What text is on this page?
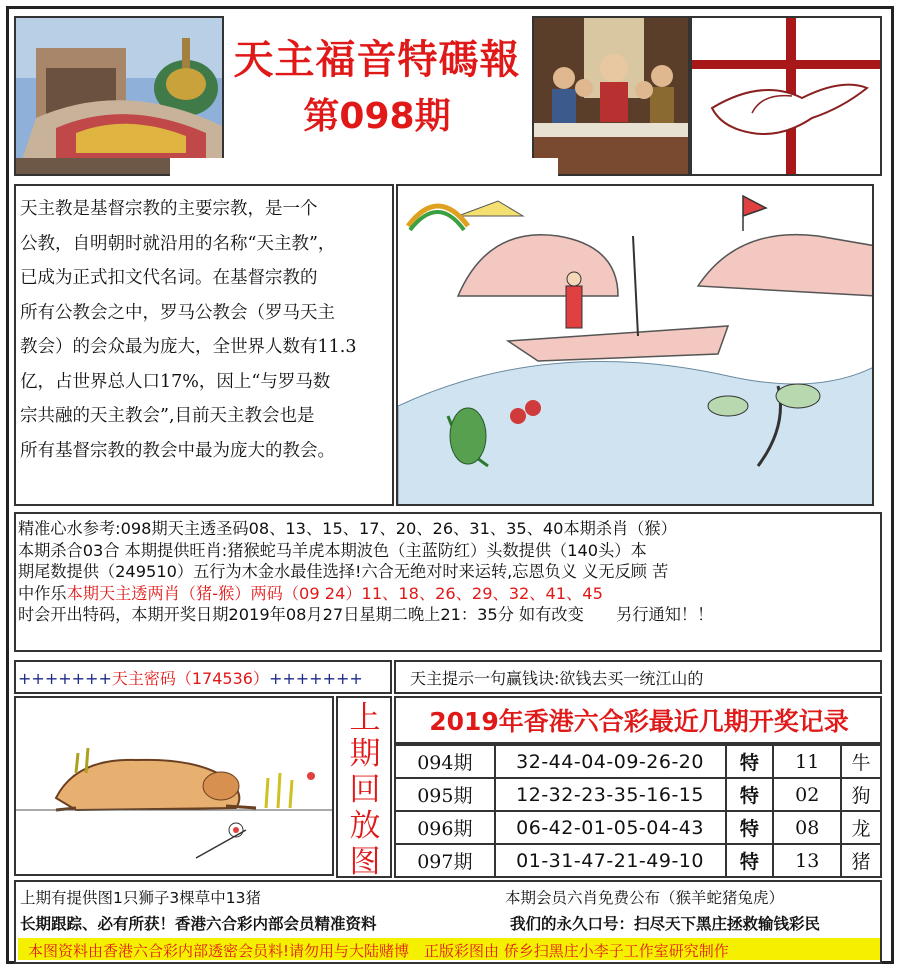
天主福音特碼報
第098期

天主教是基督宗教的主要宗教，是一个

公教，自明朝时就沿用的名称“天主教”，

已成为正式扣文代名词。在基督宗教的

所有公教会之中，罗马公教会（罗马天主

教会）的会众最为庞大，全世界人数有11.3

亿，占世界总人口17%，因上“与罗马数

宗共融的天主教会”,目前天主教会也是

所有基督宗教的教会中最为庞大的教会。

精准心水参考:098期天主透圣码08、13、15、17、20、26、31、35、40本期杀肖（猴）

本期杀合03合 本期提供旺肖:猪猴蛇马羊虎本期波色（主蓝防红）头数提供（140头）本

期尾数提供（249510）五行为木金水最佳选择!六合无绝对时来运转,忘恩负义 义无反顾 苦

中作乐本期天主透两肖（猪-猴）两码（09 24）11、18、26、29、32、41、45

时会开出特码，本期开奖日期2019年08月27日星期二晚上21：35分 如有改变　　另行通知！！

+++++++天主密码（174536）+++++++	天主提示一句赢钱诀:欲钱去买一统江山的
上
期
回
放
图
2019年香港六合彩最近几期开奖记录
094期	32-44-04-09-26-20	特	11	牛
095期	12-32-23-35-16-15	特	02	狗
096期	06-42-01-05-04-43	特	08	龙
097期	01-31-47-21-49-10	特	13	猪
上期有提供图1只狮子3棵草中13猪	本期会员六肖免费公布（猴羊蛇猪兔虎）
长期跟踪、必有所获！香港六合彩内部会员精准资料	我们的永久口号：扫尽天下黑庄拯救输钱彩民
本图资料由香港六合彩内部透密会员料!请勿用与大陆赌博　正版彩图由 侨乡扫黑庄小李子工作室研究制作
